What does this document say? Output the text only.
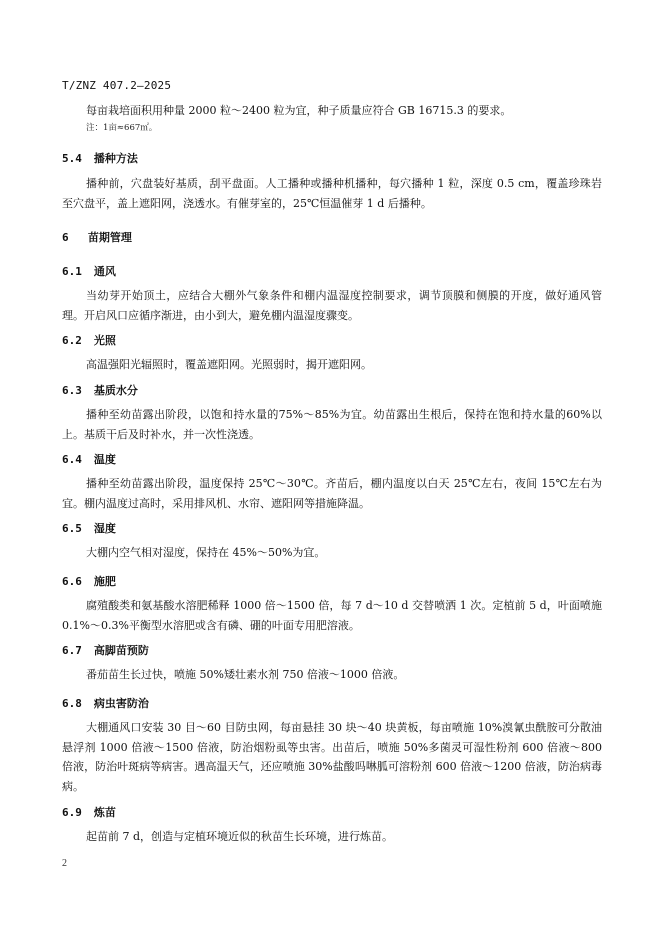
T/ZNZ 407.2—2025

每亩栽培面积用种量 2000 粒～2400 粒为宜，种子质量应符合 GB 16715.3 的要求。

注：1亩≈667㎡。

5.4 播种方法

播种前，穴盘装好基质，刮平盘面。人工播种或播种机播种，每穴播种 1 粒，深度 0.5 cm，覆盖珍珠岩至穴盘平，盖上遮阳网，浇透水。有催芽室的，25℃恒温催芽 1 d 后播种。

6 苗期管理
6.1 通风

当幼芽开始顶土，应结合大棚外气象条件和棚内温湿度控制要求，调节顶膜和侧膜的开度，做好通风管理。开启风口应循序渐进，由小到大，避免棚内温湿度骤变。

6.2 光照

高温强阳光辐照时，覆盖遮阳网。光照弱时，揭开遮阳网。

6.3 基质水分

播种至幼苗露出阶段，以饱和持水量的75%～85%为宜。幼苗露出生根后，保持在饱和持水量的60%以上。基质干后及时补水，并一次性浇透。

6.4 温度

播种至幼苗露出阶段，温度保持 25℃～30℃。齐苗后，棚内温度以白天 25℃左右，夜间 15℃左右为宜。棚内温度过高时，采用排风机、水帘、遮阳网等措施降温。

6.5 湿度

大棚内空气相对湿度，保持在 45%～50%为宜。

6.6 施肥

腐殖酸类和氨基酸水溶肥稀释 1000 倍～1500 倍，每 7 d～10 d 交替喷洒 1 次。定植前 5 d，叶面喷施 0.1%～0.3%平衡型水溶肥或含有磷、硼的叶面专用肥溶液。

6.7 高脚苗预防

番茄苗生长过快，喷施 50%矮壮素水剂 750 倍液～1000 倍液。

6.8 病虫害防治

大棚通风口安装 30 目～60 目防虫网，每亩悬挂 30 块～40 块黄板，每亩喷施 10%溴氰虫酰胺可分散油悬浮剂 1000 倍液～1500 倍液，防治烟粉虱等虫害。出苗后，喷施 50%多菌灵可湿性粉剂 600 倍液～800 倍液，防治叶斑病等病害。遇高温天气，还应喷施 30%盐酸吗啉胍可溶粉剂 600 倍液～1200 倍液，防治病毒病。

6.9 炼苗

起苗前 7 d，创造与定植环境近似的秋苗生长环境，进行炼苗。

2
